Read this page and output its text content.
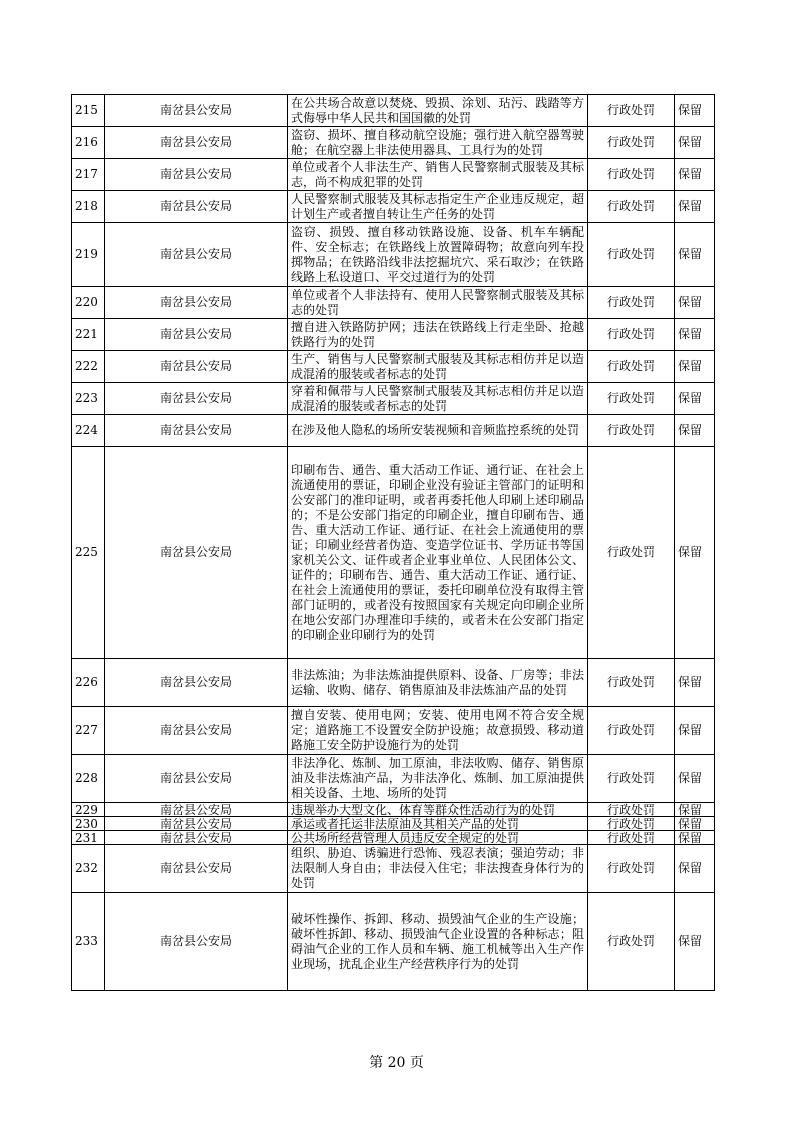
215	南岔县公安局	在公共场合故意以焚烧、毁损、涂划、玷污、践踏等方式侮辱中华人民共和国国徽的处罚	行政处罚	保留
216	南岔县公安局	盗窃、损坏、擅自移动航空设施；强行进入航空器驾驶舱；在航空器上非法使用器具、工具行为的处罚	行政处罚	保留
217	南岔县公安局	单位或者个人非法生产、销售人民警察制式服装及其标志，尚不构成犯罪的处罚	行政处罚	保留
218	南岔县公安局	人民警察制式服装及其标志指定生产企业违反规定，超计划生产或者擅自转让生产任务的处罚	行政处罚	保留
219	南岔县公安局	盗窃、损毁、擅自移动铁路设施、设备、机车车辆配件、安全标志；在铁路线上放置障碍物；故意向列车投掷物品；在铁路沿线非法挖掘坑穴、采石取沙；在铁路线路上私设道口、平交过道行为的处罚	行政处罚	保留
220	南岔县公安局	单位或者个人非法持有、使用人民警察制式服装及其标志的处罚	行政处罚	保留
221	南岔县公安局	擅自进入铁路防护网；违法在铁路线上行走坐卧、抢越铁路行为的处罚	行政处罚	保留
222	南岔县公安局	生产、销售与人民警察制式服装及其标志相仿并足以造成混淆的服装或者标志的处罚	行政处罚	保留
223	南岔县公安局	穿着和佩带与人民警察制式服装及其标志相仿并足以造成混淆的服装或者标志的处罚	行政处罚	保留
224	南岔县公安局	在涉及他人隐私的场所安装视频和音频监控系统的处罚	行政处罚	保留
225	南岔县公安局	印刷布告、通告、重大活动工作证、通行证、在社会上流通使用的票证，印刷企业没有验证主管部门的证明和公安部门的准印证明，或者再委托他人印刷上述印刷品的；不是公安部门指定的印刷企业，擅自印刷布告、通告、重大活动工作证、通行证、在社会上流通使用的票证；印刷业经营者伪造、变造学位证书、学历证书等国家机关公文、证件或者企业事业单位、人民团体公文、证件的；印刷布告、通告、重大活动工作证、通行证、在社会上流通使用的票证，委托印刷单位没有取得主管部门证明的，或者没有按照国家有关规定向印刷企业所在地公安部门办理准印手续的，或者未在公安部门指定的印刷企业印刷行为的处罚	行政处罚	保留
226	南岔县公安局	非法炼油；为非法炼油提供原料、设备、厂房等；非法运输、收购、储存、销售原油及非法炼油产品的处罚	行政处罚	保留
227	南岔县公安局	擅自安装、使用电网；安装、使用电网不符合安全规定；道路施工不设置安全防护设施；故意损毁、移动道路施工安全防护设施行为的处罚	行政处罚	保留
228	南岔县公安局	非法净化、炼制、加工原油，非法收购、储存、销售原油及非法炼油产品，为非法净化、炼制、加工原油提供相关设备、土地、场所的处罚	行政处罚	保留
229	南岔县公安局	违规举办大型文化、体育等群众性活动行为的处罚	行政处罚	保留
230	南岔县公安局	承运或者托运非法原油及其相关产品的处罚	行政处罚	保留
231	南岔县公安局	公共场所经营管理人员违反安全规定的处罚	行政处罚	保留
232	南岔县公安局	组织、胁迫、诱骗进行恐怖、残忍表演；强迫劳动；非法限制人身自由；非法侵入住宅；非法搜查身体行为的处罚	行政处罚	保留
233	南岔县公安局	破坏性操作、拆卸、移动、损毁油气企业的生产设施；破坏性拆卸、移动、损毁油气企业设置的各种标志；阻碍油气企业的工作人员和车辆、施工机械等出入生产作业现场，扰乱企业生产经营秩序行为的处罚	行政处罚	保留
第 20 页
